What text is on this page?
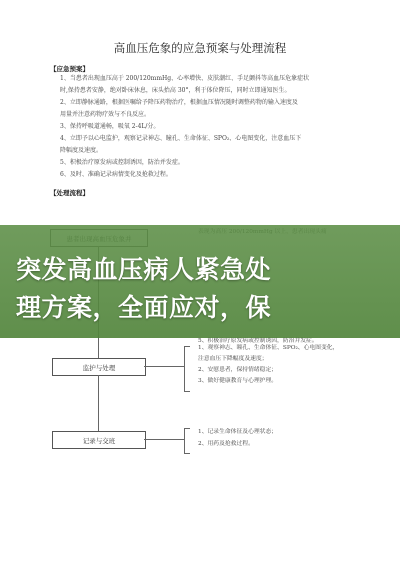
高血压危象的应急预案与处理流程
【应急预案】
1、当患者出现血压高于 200/120mmHg、心率增快、皮肤潮红、手足颤抖等高血压危象症状
时,保持患者安静，绝对卧床休息，床头抬高 30°，利于体位降压，同时立即通知医生。
2、立即静脉通路，根据医嘱给予降压药物治疗，根据血压情况随时调整药物的输入速度及
用量并注意药物疗效与不良反应。
3、保持呼吸道通畅，吸氧 2-4L/分。
4、立即予以心电监护，观察记录神志、瞳孔、生命体征、SPO₂、心电图变化，注意血压下
降幅度及速度。
5、积极治疗原发病或控制诱因，防治并发症。
6、及时、准确记录病情变化及抢救过程。
【处理流程】
5、积极治疗原发病或控制诱因，防治并发症。
监护与处理
1、观察神志、瞳孔、生命体征、SPO₂、心电图变化，
注意血压下降幅度及速度；
2、安慰患者，保持情绪稳定；
3、做好健康教育与心理护理。
记录与交班
1、记录生命体征及心理状态；
2、用药及抢救过程。
突发高血压病人紧急处
理方案，全面应对，保
